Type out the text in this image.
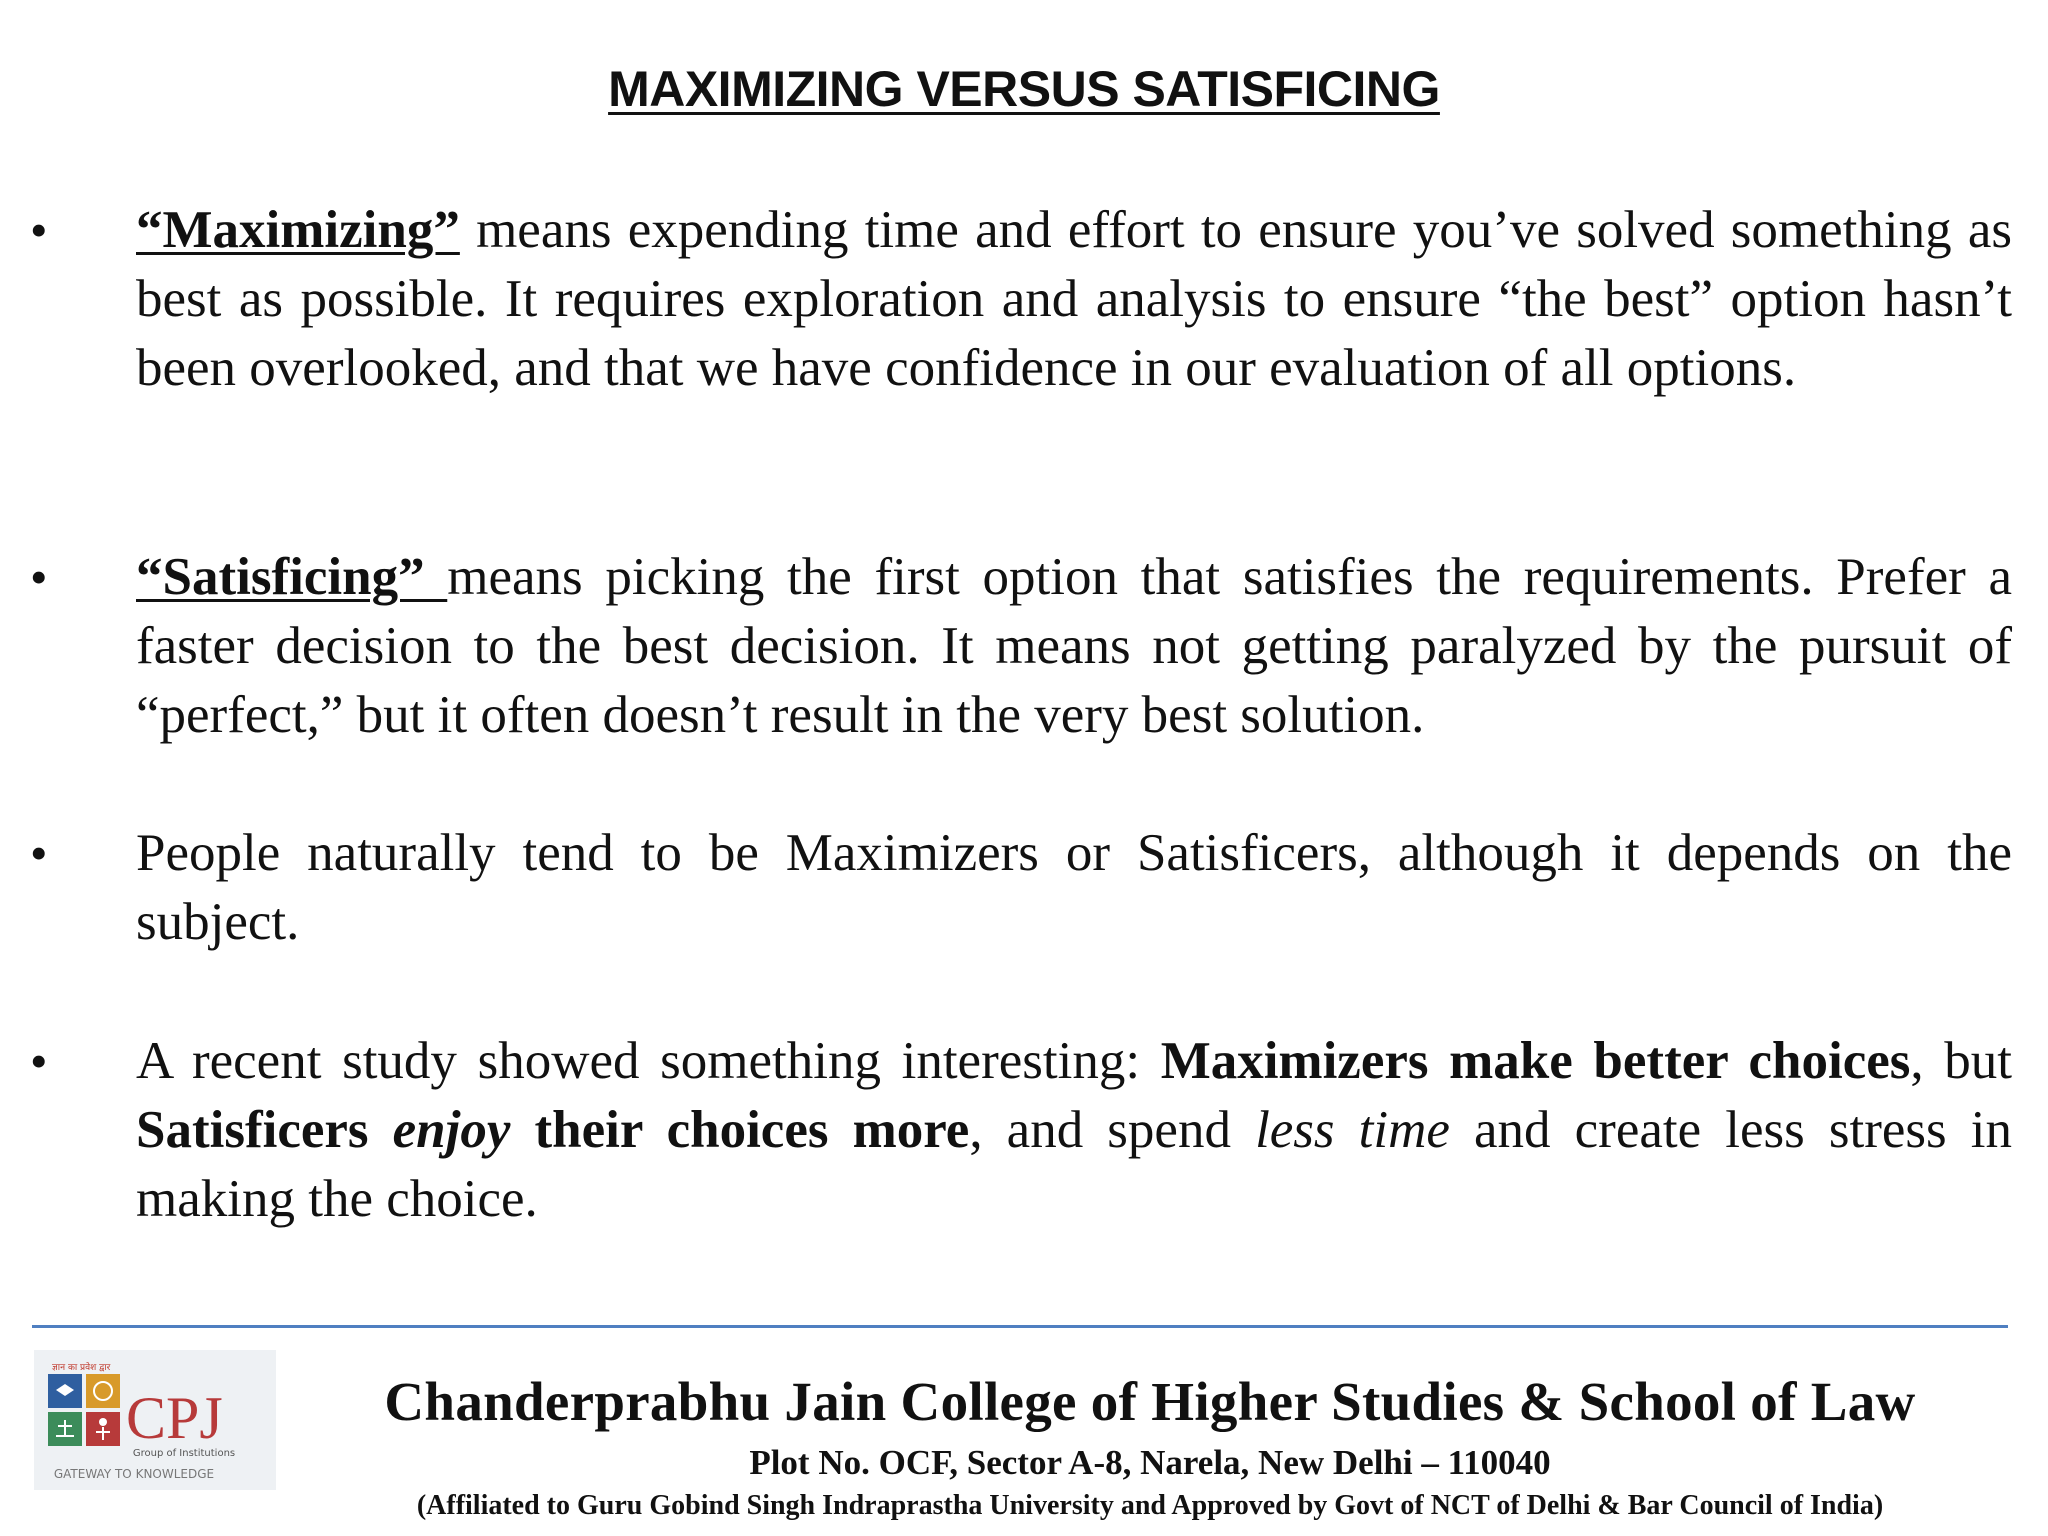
MAXIMIZING VERSUS SATISFICING
• “Maximizing” means expending time and effort to ensure you’ve solved something as best as possible. It requires exploration and analysis to ensure “the best” option hasn’t been overlooked, and that we have confidence in our evaluation of all options.
• “Satisficing” means picking the first option that satisfies the requirements. Prefer a faster decision to the best decision. It means not getting paralyzed by the pursuit of “perfect,” but it often doesn’t result in the very best solution.
• People naturally tend to be Maximizers or Satisficers, although it depends on the subject.
• A recent study showed something interesting: Maximizers make better choices, but Satisficers enjoy their choices more, and spend less time and create less stress in making the choice.
ज्ञान का प्रवेश द्वार
CPJ
Group of Institutions
GATEWAY TO KNOWLEDGE
Chanderprabhu Jain College of Higher Studies & School of Law
Plot No. OCF, Sector A-8, Narela, New Delhi – 110040
(Affiliated to Guru Gobind Singh Indraprastha University and Approved by Govt of NCT of Delhi & Bar Council of India)
